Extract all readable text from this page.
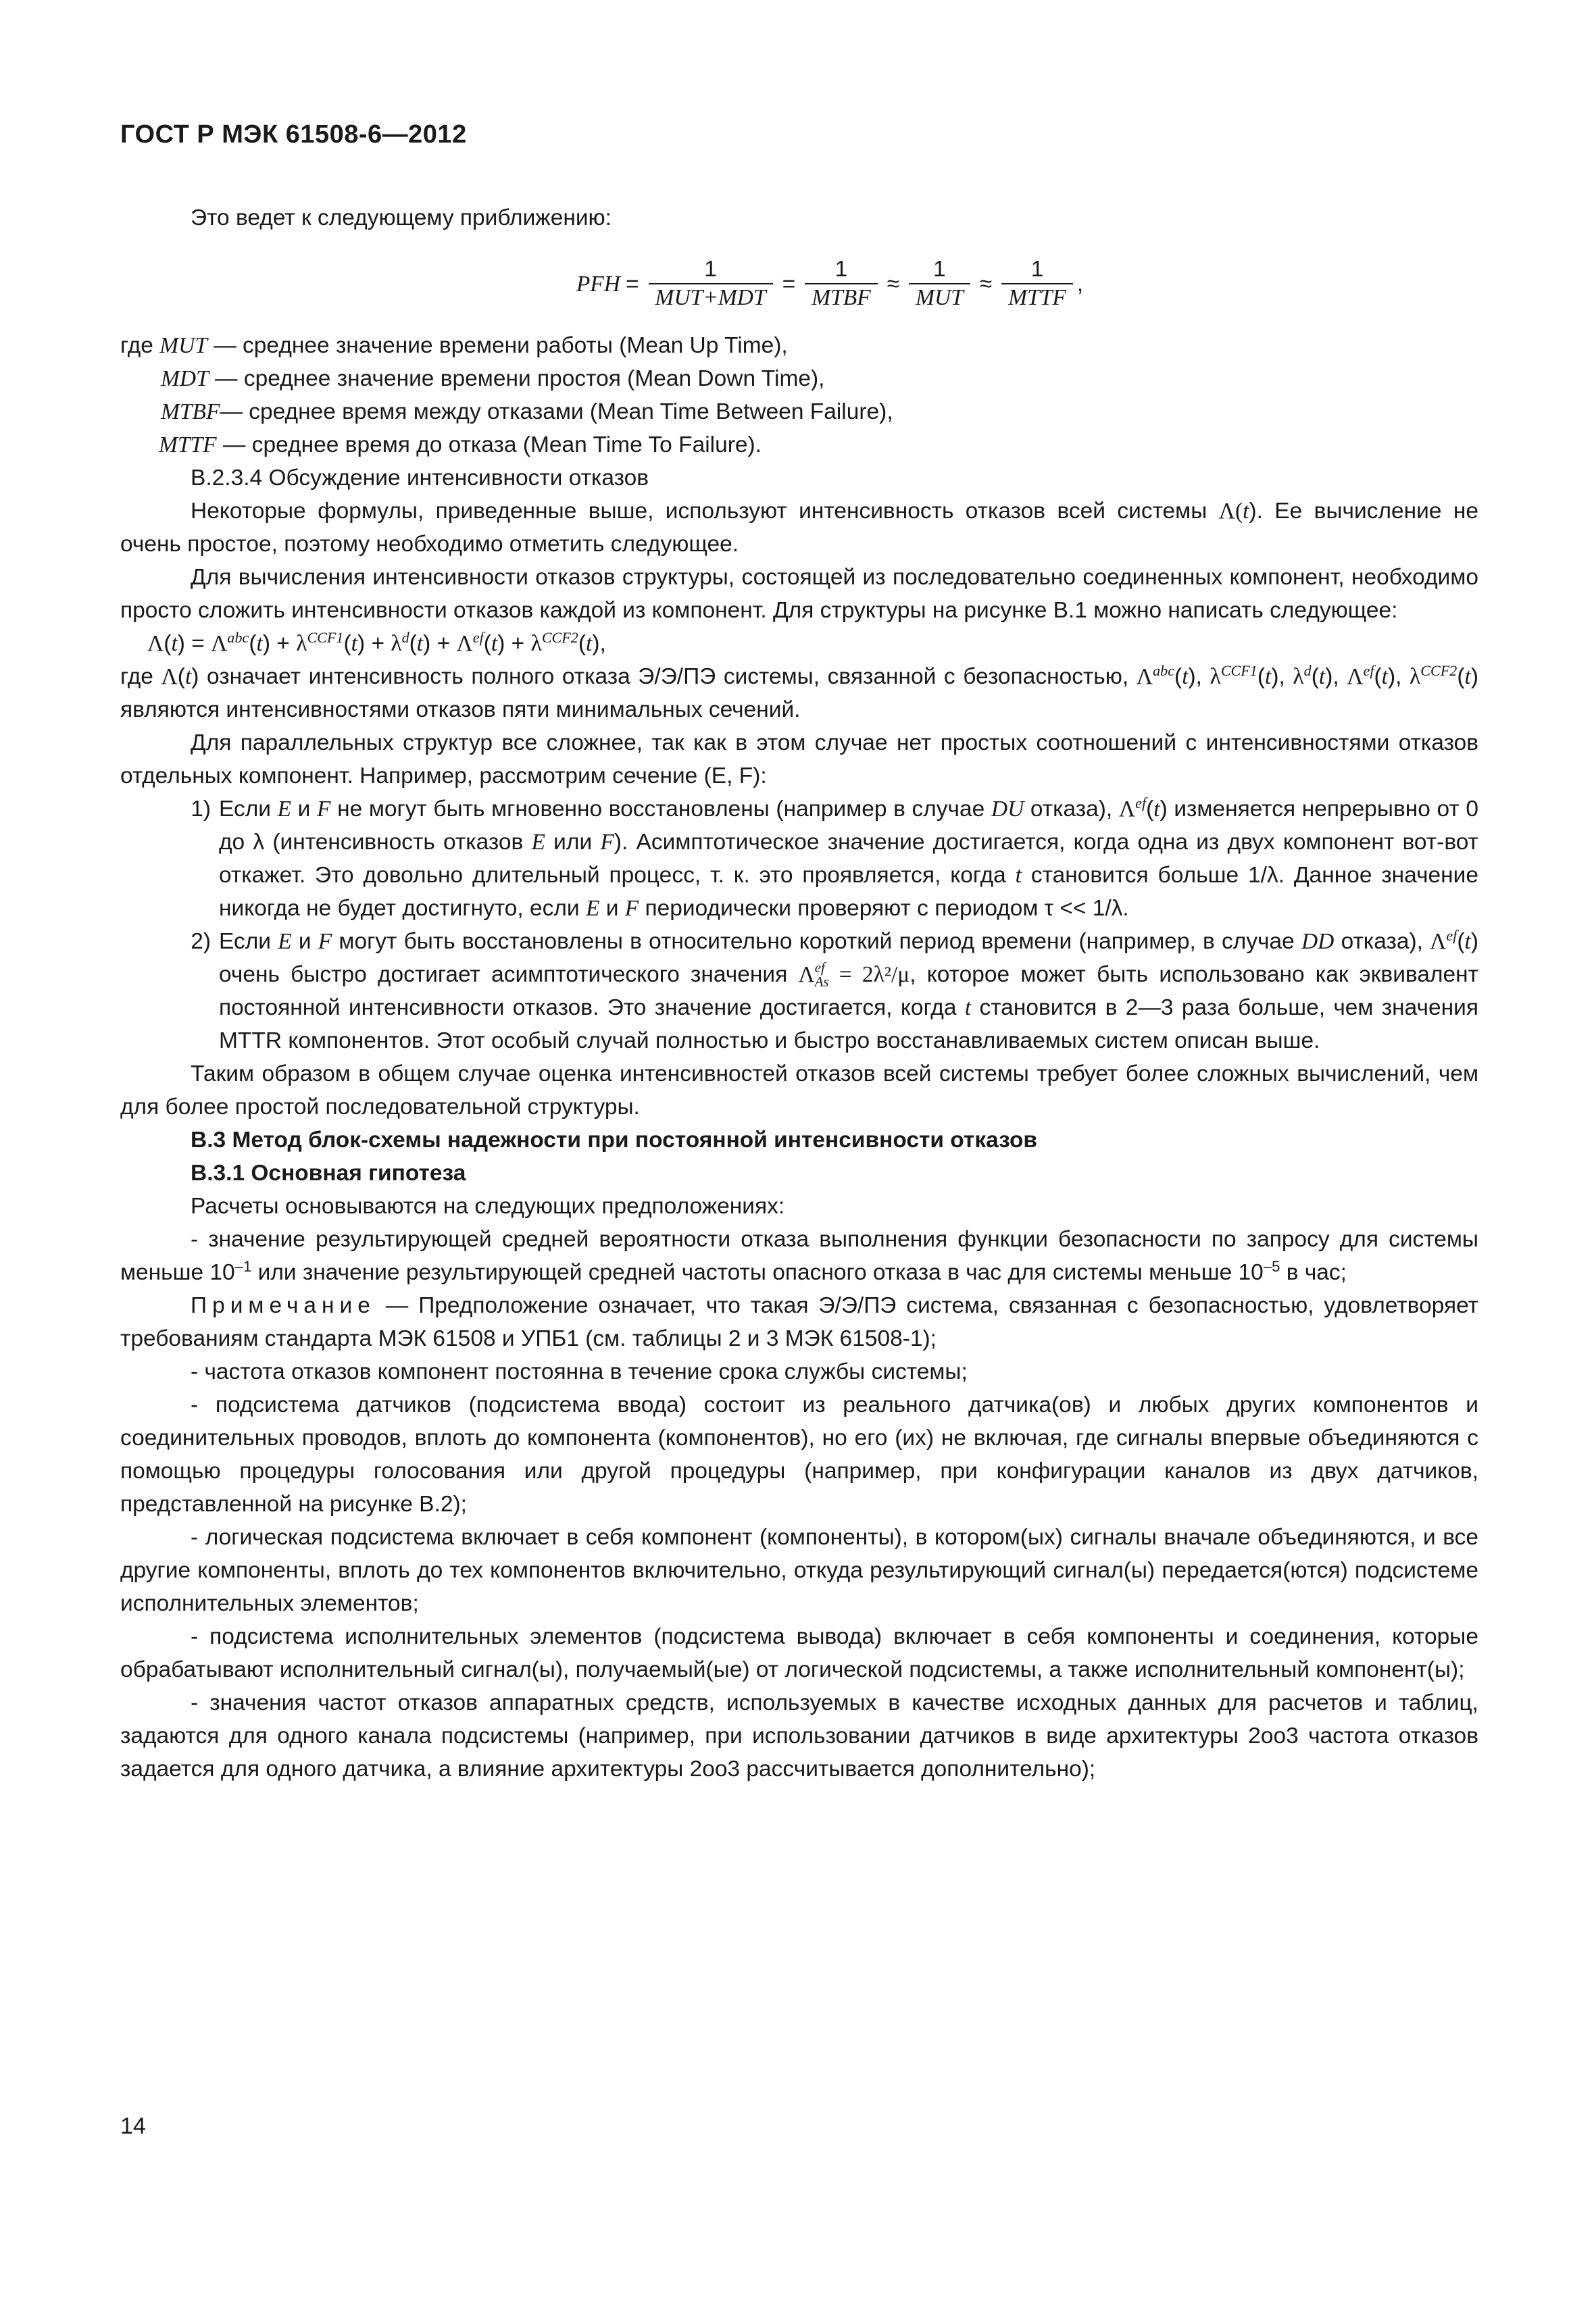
ГОСТ Р МЭК 61508-6—2012

Это ведет к следующему приближению:

PFH = $\frac{1}{\text{MUT+MDT}} = \frac{1}{\text{MTBF}} \approx \frac{1}{\text{MUT}} \approx \frac{1}{\text{MTTF}}$ ,

где MUT — среднее значение времени работы (Mean Up Time),

MDT — среднее значение времени простоя (Mean Down Time),

MTBF— среднее время между отказами (Mean Time Between Failure),

MTTF — среднее время до отказа (Mean Time To Failure).

В.2.3.4 Обсуждение интенсивности отказов

Некоторые формулы, приведенные выше, используют интенсивность отказов всей системы Λ(t). Ее вычисление не очень простое, поэтому необходимо отметить следующее.

Для вычисления интенсивности отказов структуры, состоящей из последовательно соединенных компонент, необходимо просто сложить интенсивности отказов каждой из компонент. Для структуры на рисунке В.1 можно написать следующее:

$\Lambda(t) = \Lambda^{abc}(t) + \lambda^{CCF1}(t) + \lambda^d(t) + \Lambda^{ef}(t) + \lambda^{CCF2}(t)$,

где Λ(t) означает интенсивность полного отказа Э/Э/ПЭ системы, связанной с безопасностью, $\Lambda^{abc}(t)$, $\lambda^{CCF1}(t)$, $\lambda^d(t)$, $\Lambda^{ef}(t)$, $\lambda^{CCF2}(t)$ являются интенсивностями отказов пяти минимальных сечений.

Для параллельных структур все сложнее, так как в этом случае нет простых соотношений с интенсивностями отказов отдельных компонент. Например, рассмотрим сечение (E, F):

1) Если E и F не могут быть мгновенно восстановлены (например в случае DU отказа), $\Lambda^{ef}(t)$ изменяется непрерывно от 0 до λ (интенсивность отказов E или F). Асимптотическое значение достигается, когда одна из двух компонент вот-вот откажет. Это довольно длительный процесс, т. к. это проявляется, когда t становится больше 1/λ. Данное значение никогда не будет достигнуто, если E и F периодически проверяют с периодом τ << 1/λ.
2) Если E и F могут быть восстановлены в относительно короткий период времени (например, в случае DD отказа), $\Lambda^{ef}(t)$ очень быстро достигает асимптотического значения Λ ef
As = 2λ²/μ, которое может быть использовано как эквивалент постоянной интенсивности отказов. Это значение достигается, когда t становится в 2—3 раза больше, чем значения MTTR компонентов. Этот особый случай полностью и быстро восстанавливаемых систем описан выше.

Таким образом в общем случае оценка интенсивностей отказов всей системы требует более сложных вычислений, чем для более простой последовательной структуры.

В.3 Метод блок-схемы надежности при постоянной интенсивности отказов

В.3.1 Основная гипотеза

Расчеты основываются на следующих предположениях:

- значение результирующей средней вероятности отказа выполнения функции безопасности по запросу для системы меньше $10^{-1}$ или значение результирующей средней частоты опасного отказа в час для системы меньше $10^{-5}$ в час;

Примечание — Предположение означает, что такая Э/Э/ПЭ система, связанная с безопасностью, удовлетворяет требованиям стандарта МЭК 61508 и УПБ1 (см. таблицы 2 и 3 МЭК 61508-1);

- частота отказов компонент постоянна в течение срока службы системы;

- подсистема датчиков (подсистема ввода) состоит из реального датчика(ов) и любых других компонентов и соединительных проводов, вплоть до компонента (компонентов), но его (их) не включая, где сигналы впервые объединяются с помощью процедуры голосования или другой процедуры (например, при конфигурации каналов из двух датчиков, представленной на рисунке В.2);

- логическая подсистема включает в себя компонент (компоненты), в котором(ых) сигналы вначале объединяются, и все другие компоненты, вплоть до тех компонентов включительно, откуда результирующий сигнал(ы) передается(ются) подсистеме исполнительных элементов;

- подсистема исполнительных элементов (подсистема вывода) включает в себя компоненты и соединения, которые обрабатывают исполнительный сигнал(ы), получаемый(ые) от логической подсистемы, а также исполнительный компонент(ы);

- значения частот отказов аппаратных средств, используемых в качестве исходных данных для расчетов и таблиц, задаются для одного канала подсистемы (например, при использовании датчиков в виде архитектуры 2oo3 частота отказов задается для одного датчика, а влияние архитектуры 2oo3 рассчитывается дополнительно);

14
